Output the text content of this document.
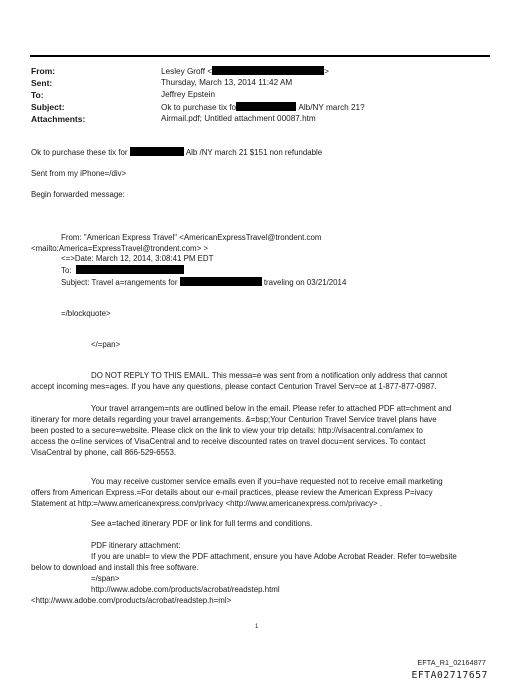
From:	Lesley Groff <	>
Sent:	Thursday, March 13, 2014 11:42 AM
To:	Jeffrey Epstein
Subject:	Ok to purchase tix fo	Alb/NY march 21?
Attachments:	Airmail.pdf; Untitled attachment 00087.htm
Ok to purchase these tix for	Alb /NY march 21 $151 non refundable
Sent from my iPhone=/div>
Begin forwarded message:
From: "American Express Travel" <AmericanExpressTravel@trondent.com
<mailto:America=ExpressTravel@trondent.com> >
<=>Date: March 12, 2014, 3:08:41 PM EDT
To:
Subject: Travel a=rangements for	traveling on 03/21/2014
=/blockquote>
</=pan>
DO NOT REPLY TO THIS EMAIL. This messa=e was sent from a notification only address that cannot
accept incoming mes=ages. If you have any questions, please contact Centurion Travel Serv=ce at 1-877-877-0987.
Your travel arrangem=nts are outlined below in the email. Please refer to attached PDF att=chment and
itinerary for more details regarding your travel arrangements. &=bsp;Your Centurion Travel Service travel plans have
been posted to a secure=website. Please click on the link to view your trip details: http://visacentral.com/amex to
access the o=line services of VisaCentral and to receive discounted rates on travel docu=ent services. To contact
VisaCentral by phone, call 866-529-6553.
You may receive customer service emails even if you=have requested not to receive email marketing
offers from American Express.=For details about our e-mail practices, please review the American Express P=ivacy
Statement at http:=/www.americanexpress.com/privacy <http://www.americanexpress.com/privacy> .
See a=tached itinerary PDF or link for full terms and conditions.
PDF itinerary attachment:
If you are unabl= to view the PDF attachment, ensure you have Adobe Acrobat Reader. Refer to=website
below to download and install this free software.
=/span>
http://www.adobe.com/products/acrobat/readstep.html
<http://www.adobe.com/products/acrobat/readstep.h=ml>
1
EFTA_R1_02164877
EFTA02717657
